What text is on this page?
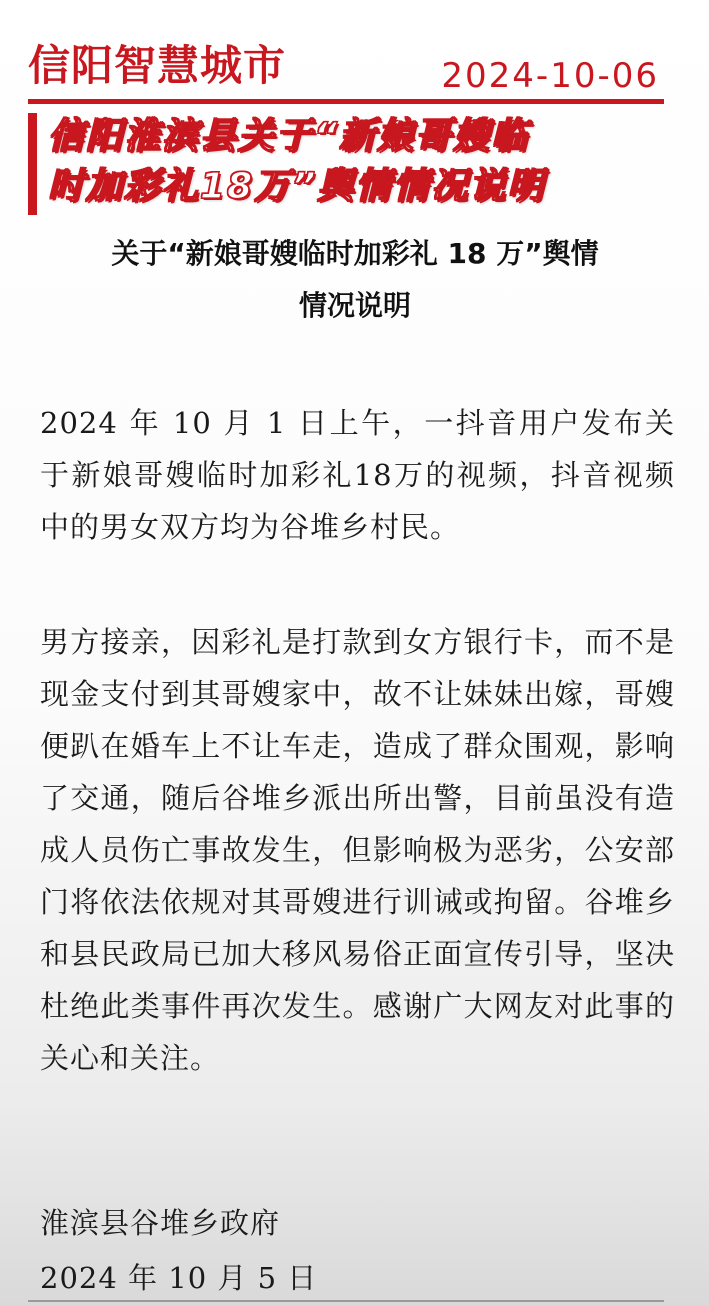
信阳智慧城市	2024-10-06
信阳淮滨县关于“新娘哥嫂临
时加彩礼18万”舆情情况说明
关于“新娘哥嫂临时加彩礼 18 万”舆情
情况说明

2024 年 10 月 1 日上午，一抖音用户发布关于新娘哥嫂临时加彩礼18万的视频，抖音视频中的男女双方均为谷堆乡村民。

男方接亲，因彩礼是打款到女方银行卡，而不是现金支付到其哥嫂家中，故不让妹妹出嫁，哥嫂便趴在婚车上不让车走，造成了群众围观，影响了交通，随后谷堆乡派出所出警，目前虽没有造成人员伤亡事故发生，但影响极为恶劣，公安部门将依法依规对其哥嫂进行训诫或拘留。谷堆乡和县民政局已加大移风易俗正面宣传引导，坚决杜绝此类事件再次发生。感谢广大网友对此事的关心和关注。

淮滨县谷堆乡政府
2024 年 10 月 5 日
